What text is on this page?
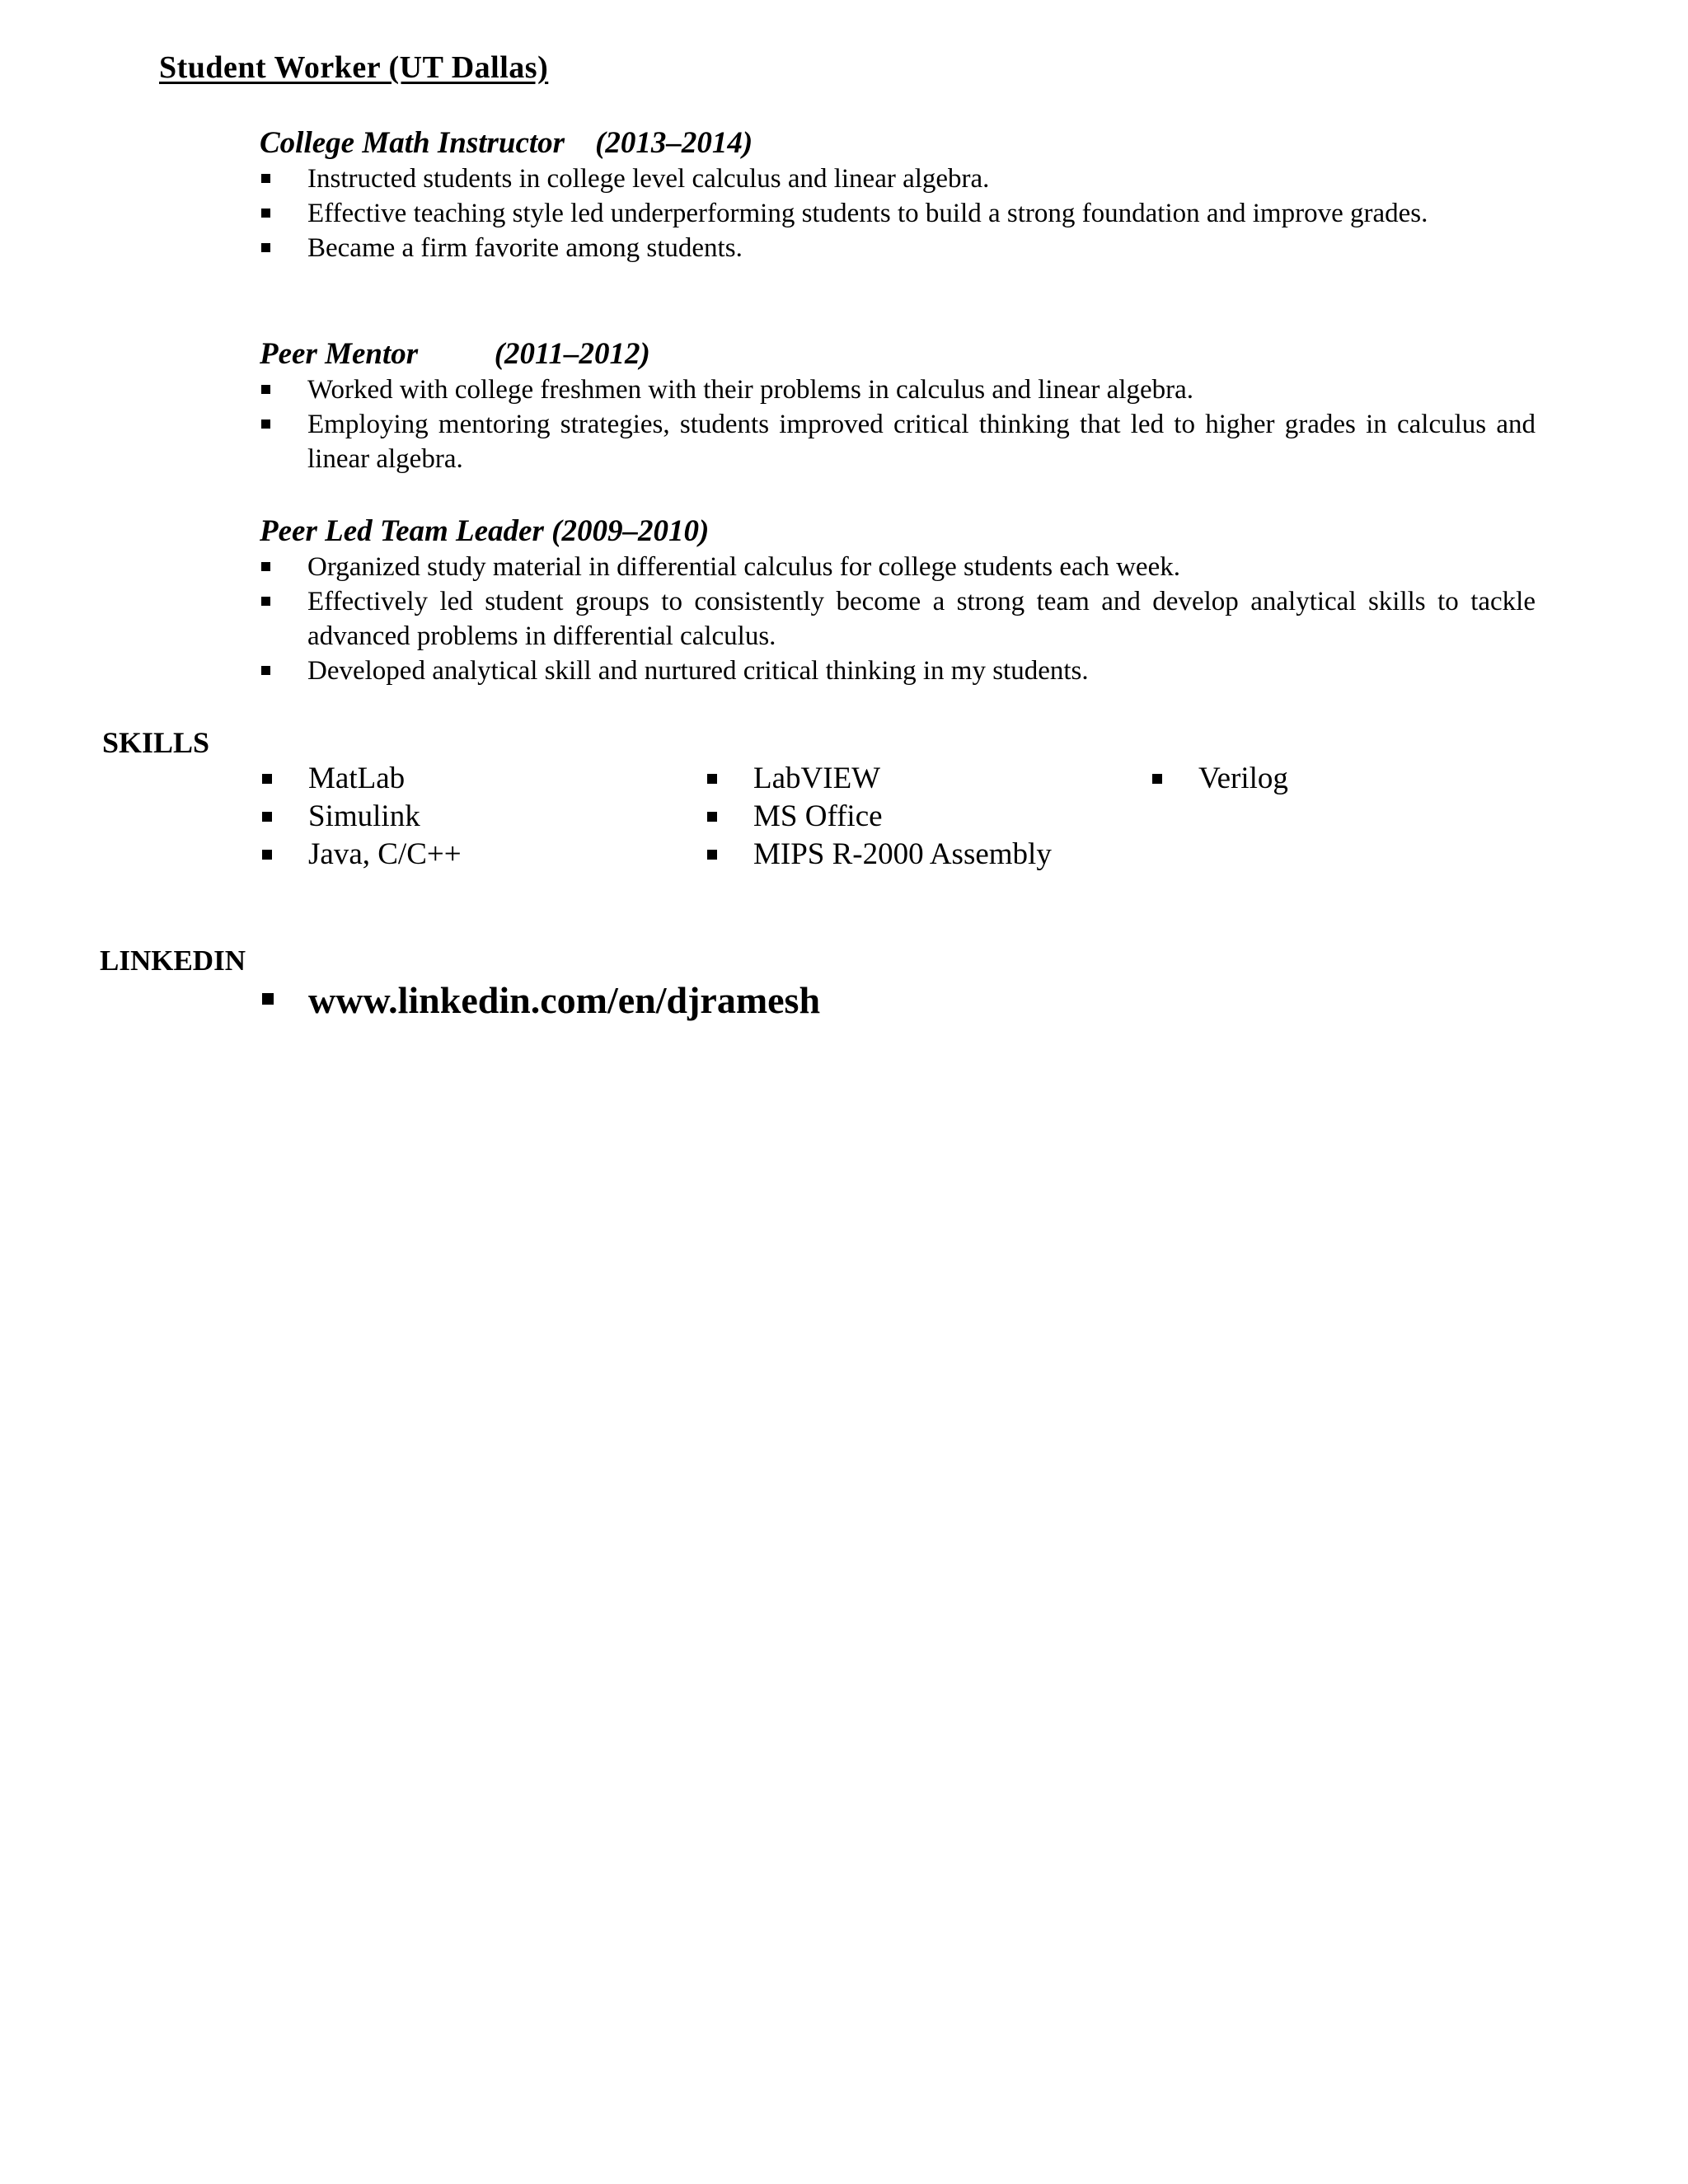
Student Worker (UT Dallas)
College Math Instructor (2013–2014)
Instructed students in college level calculus and linear algebra.
Effective teaching style led underperforming students to build a strong foundation and improve grades.
Became a firm favorite among students.
Peer Mentor	(2011–2012)
Worked with college freshmen with their problems in calculus and linear algebra.
Employing mentoring strategies, students improved critical thinking that led to higher grades in calculus and linear algebra.
Peer Led Team Leader (2009–2010)
Organized study material in differential calculus for college students each week.
Effectively led student groups to consistently become a strong team and develop analytical skills to tackle advanced problems in differential calculus.
Developed analytical skill and nurtured critical thinking in my students.
SKILLS
MatLab
Simulink
Java, C/C++
LabVIEW
MS Office
MIPS R-2000 Assembly
Verilog
LINKEDIN
www.linkedin.com/en/djramesh
